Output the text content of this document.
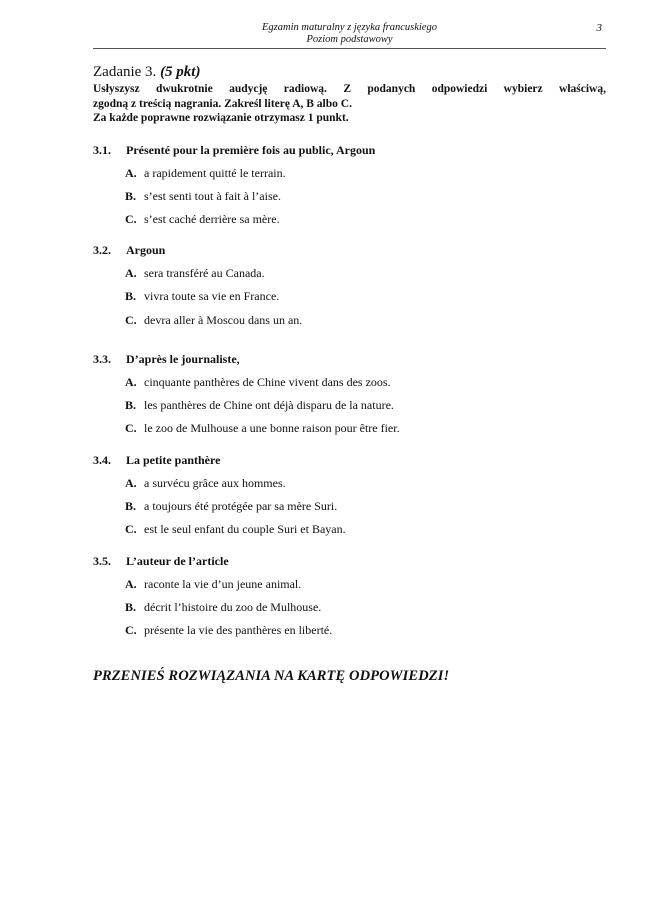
Egzamin maturalny z języka francuskiego
Poziom podstawowy
3
Zadanie 3. (5 pkt)
Usłyszysz dwukrotnie audycję radiową. Z podanych odpowiedzi wybierz właściwą,
zgodną z treścią nagrania. Zakreśl literę A, B albo C.
Za każde poprawne rozwiązanie otrzymasz 1 punkt.
3.1. Présenté pour la première fois au public, Argoun
A. a rapidement quitté le terrain.
B. s’est senti tout à fait à l’aise.
C. s’est caché derrière sa mère.
3.2. Argoun
A. sera transféré au Canada.
B. vivra toute sa vie en France.
C. devra aller à Moscou dans un an.
3.3. D’après le journaliste,
A. cinquante panthères de Chine vivent dans des zoos.
B. les panthères de Chine ont déjà disparu de la nature.
C. le zoo de Mulhouse a une bonne raison pour être fier.
3.4. La petite panthère
A. a survécu grâce aux hommes.
B. a toujours été protégée par sa mère Suri.
C. est le seul enfant du couple Suri et Bayan.
3.5. L’auteur de l’article
A. raconte la vie d’un jeune animal.
B. décrit l’histoire du zoo de Mulhouse.
C. présente la vie des panthères en liberté.
PRZENIEŚ ROZWIĄZANIA NA KARTĘ ODPOWIEDZI!
